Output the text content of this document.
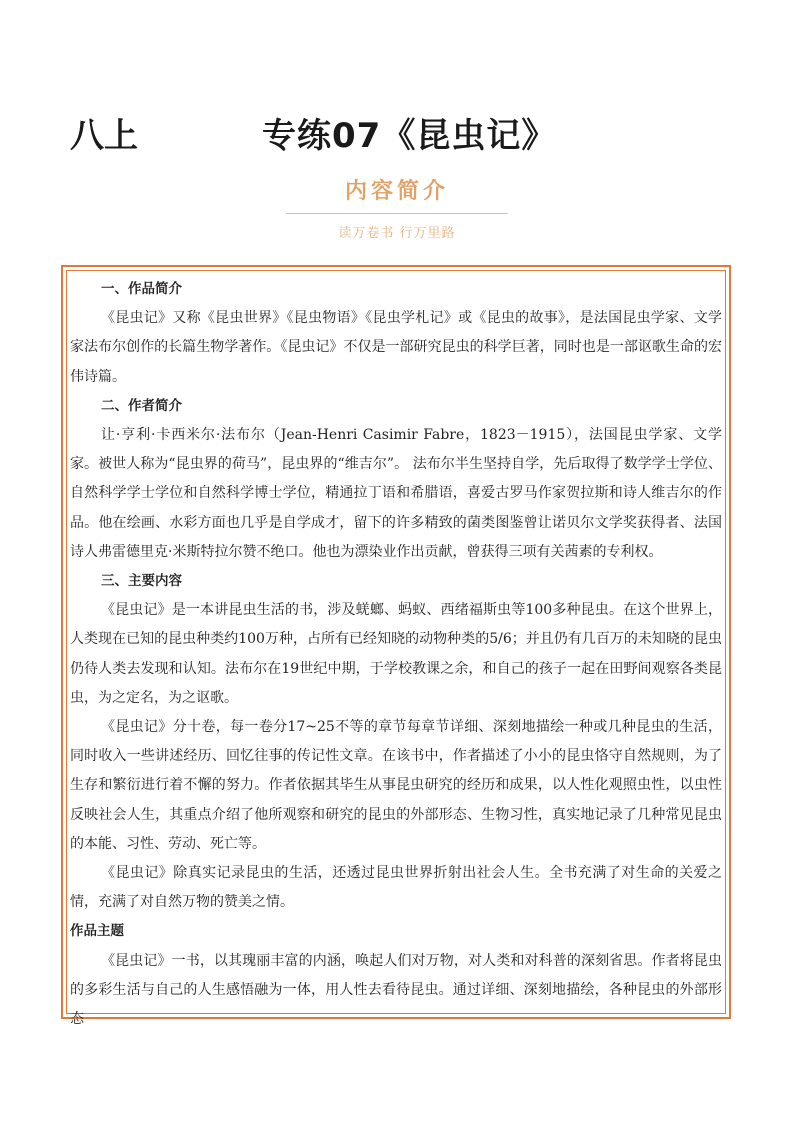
八上	专练07《昆虫记》
内容简介
读万卷书 行万里路
一、作品简介

《昆虫记》又称《昆虫世界》《昆虫物语》《昆虫学札记》或《昆虫的故事》，是法国昆虫学家、文学家法布尔创作的长篇生物学著作。《昆虫记》不仅是一部研究昆虫的科学巨著，同时也是一部讴歌生命的宏伟诗篇。

二、作者简介

让·亨利·卡西米尔·法布尔（Jean-Henri Casimir Fabre，1823－1915），法国昆虫学家、文学家。被世人称为“昆虫界的荷马”，昆虫界的“维吉尔”。 法布尔半生坚持自学，先后取得了数学学士学位、自然科学学士学位和自然科学博士学位，精通拉丁语和希腊语，喜爱古罗马作家贺拉斯和诗人维吉尔的作品。他在绘画、水彩方面也几乎是自学成才，留下的许多精致的菌类图鉴曾让诺贝尔文学奖获得者、法国诗人弗雷德里克·米斯特拉尔赞不绝口。他也为漂染业作出贡献，曾获得三项有关茜素的专利权。

三、主要内容

《昆虫记》是一本讲昆虫生活的书，涉及蜣螂、蚂蚁、西绪福斯虫等100多种昆虫。在这个世界上，人类现在已知的昆虫种类约100万种，占所有已经知晓的动物种类的5/6；并且仍有几百万的未知晓的昆虫仍待人类去发现和认知。法布尔在19世纪中期，于学校教课之余，和自己的孩子一起在田野间观察各类昆虫，为之定名，为之讴歌。

《昆虫记》分十卷，每一卷分17~25不等的章节每章节详细、深刻地描绘一种或几种昆虫的生活，同时收入一些讲述经历、回忆往事的传记性文章。在该书中，作者描述了小小的昆虫恪守自然规则，为了生存和繁衍进行着不懈的努力。作者依据其毕生从事昆虫研究的经历和成果，以人性化观照虫性，以虫性反映社会人生，其重点介绍了他所观察和研究的昆虫的外部形态、生物习性，真实地记录了几种常见昆虫的本能、习性、劳动、死亡等。

《昆虫记》除真实记录昆虫的生活，还透过昆虫世界折射出社会人生。全书充满了对生命的关爱之情，充满了对自然万物的赞美之情。

作品主题

《昆虫记》一书，以其瑰丽丰富的内涵，唤起人们对万物，对人类和对科普的深刻省思。作者将昆虫的多彩生活与自己的人生感悟融为一体，用人性去看待昆虫。通过详细、深刻地描绘，各种昆虫的外部形态
